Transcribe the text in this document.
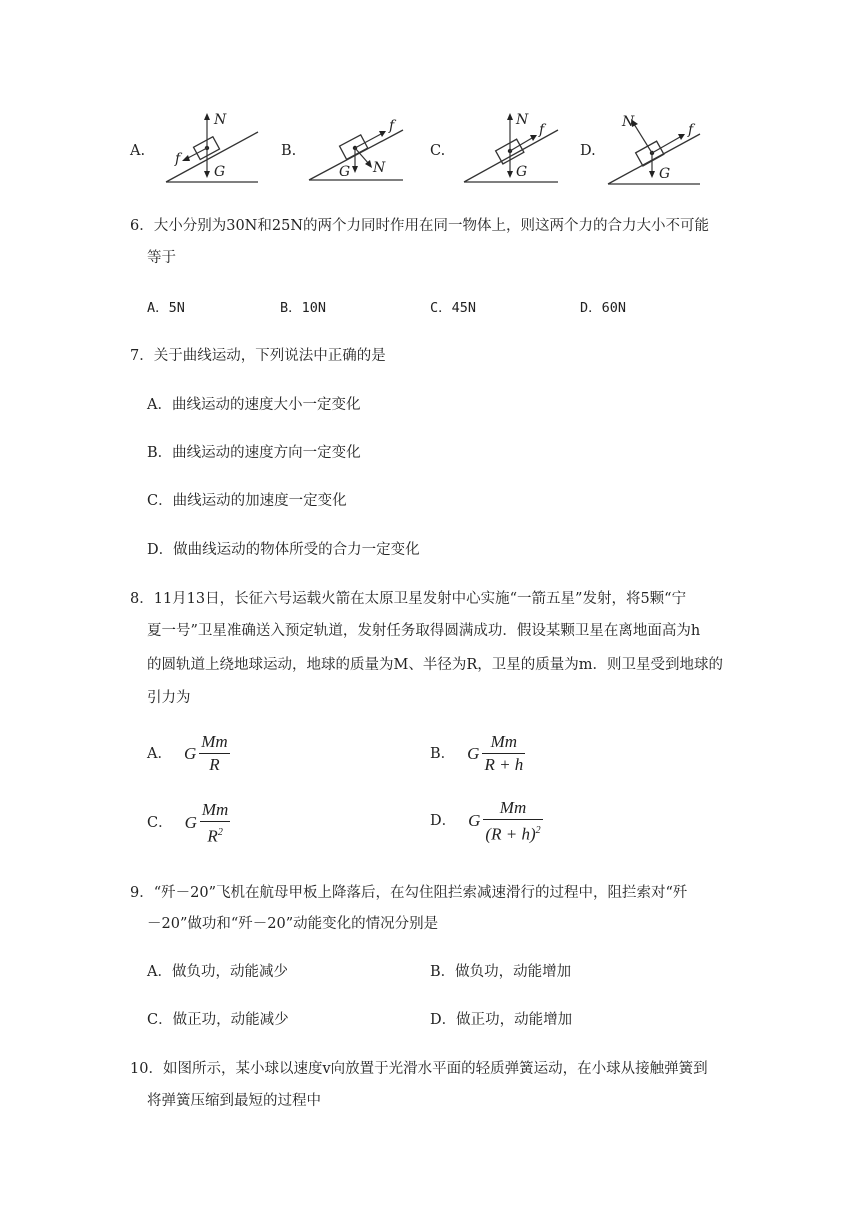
A.
N
f
G
B.
f
G N
C.
N
f
G
D.
N	f
G
6．大小分别为30N和25N的两个力同时作用在同一物体上，则这两个力的合力大小不可能
等于
A．5N	B．10N	C．45N	D．60N
7．关于曲线运动，下列说法中正确的是
A．曲线运动的速度大小一定变化
B．曲线运动的速度方向一定变化
C．曲线运动的加速度一定变化
D．做曲线运动的物体所受的合力一定变化
8．11月13日，长征六号运载火箭在太原卫星发射中心实施“一箭五星”发射，将5颗“宁
夏一号”卫星准确送入预定轨道，发射任务取得圆满成功．假设某颗卫星在离地面高为h
的圆轨道上绕地球运动，地球的质量为M、半径为R，卫星的质量为m．则卫星受到地球的
引力为
A． G $\frac{Mm}{R}$	B． G $\frac{Mm}{R + h}$
C． G $\frac{Mm}{R^2}$	D． G $\frac{Mm}{(R + h)^2}$
9．“歼－20”飞机在航母甲板上降落后，在勾住阻拦索减速滑行的过程中，阻拦索对“歼
－20”做功和“歼－20”动能变化的情况分别是
A．做负功，动能减少	B．做负功，动能增加
C．做正功，动能减少	D．做正功，动能增加
10．如图所示，某小球以速度v向放置于光滑水平面的轻质弹簧运动，在小球从接触弹簧到
将弹簧压缩到最短的过程中
